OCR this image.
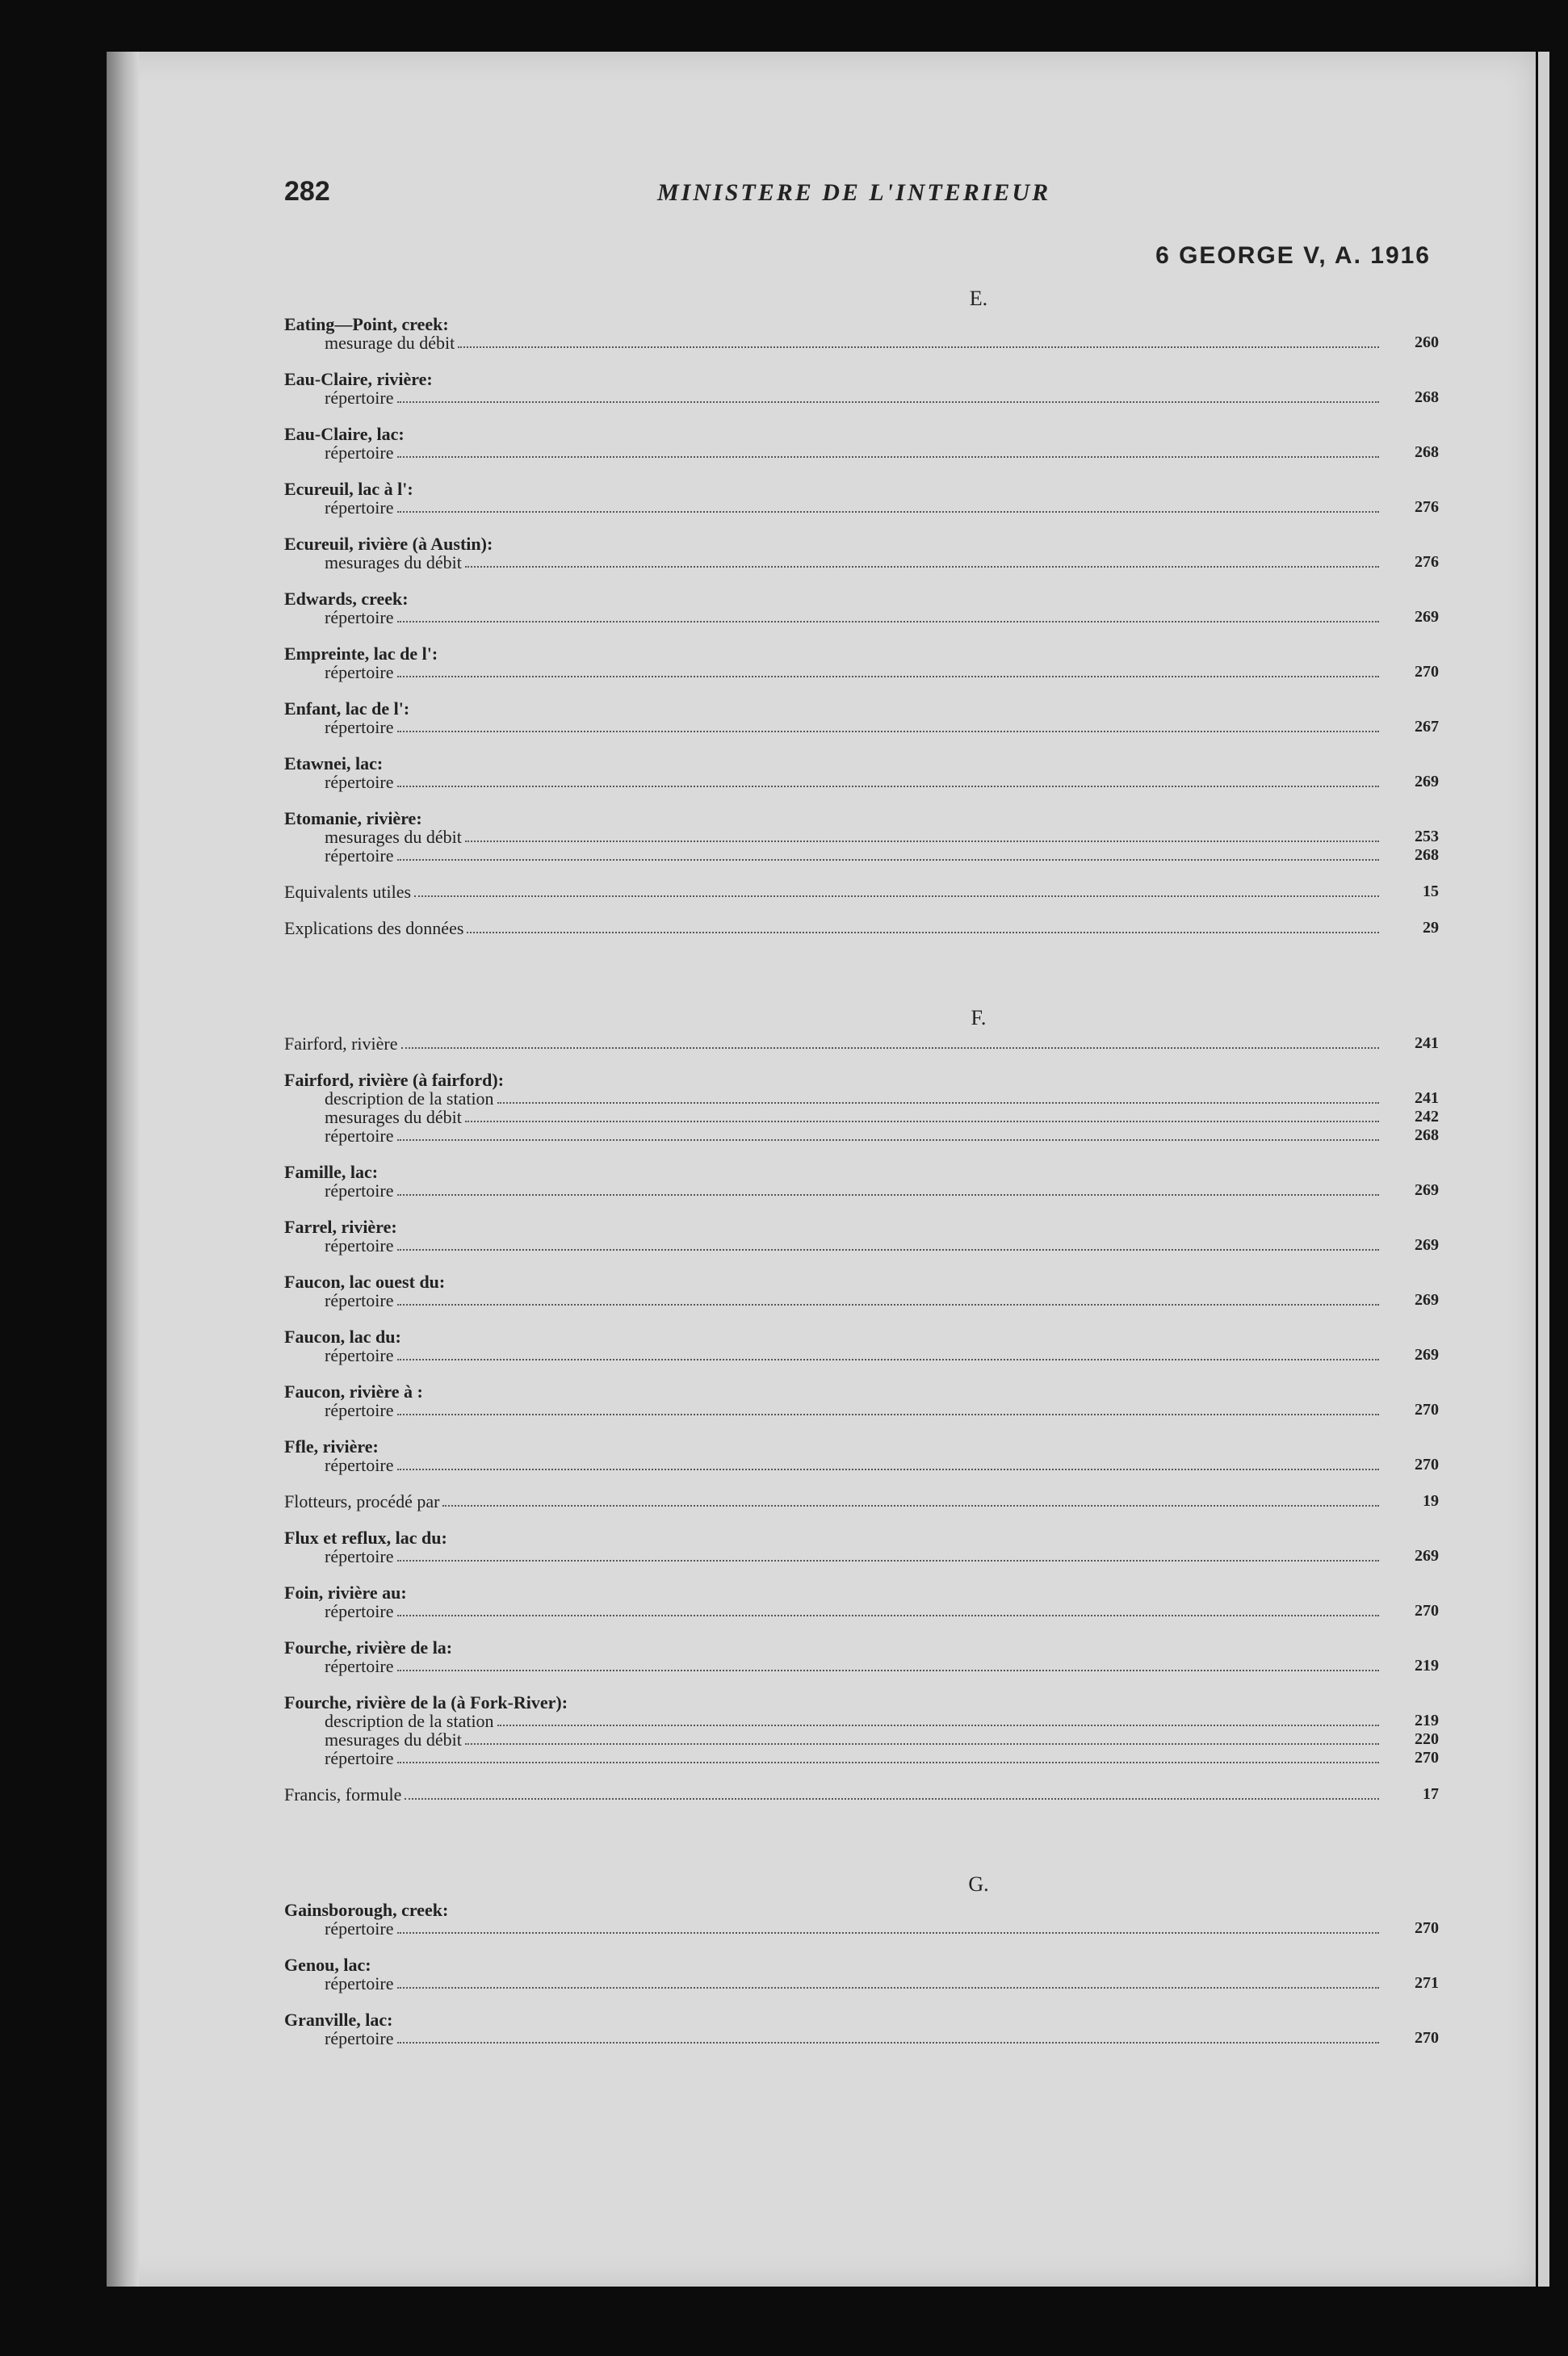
282	MINISTERE DE L'INTERIEUR
6 GEORGE V, A. 1916
E.
Eating—Point, creek:
mesurage du débit	260
Eau-Claire, rivière:
répertoire	268
Eau-Claire, lac:
répertoire	268
Ecureuil, lac à l':
répertoire	276
Ecureuil, rivière (à Austin):
mesurages du débit	276
Edwards, creek:
répertoire	269
Empreinte, lac de l':
répertoire	270
Enfant, lac de l':
répertoire	267
Etawnei, lac:
répertoire	269
Etomanie, rivière:
mesurages du débit	253
répertoire	268
Equivalents utiles	15
Explications des données	29
F.
Fairford, rivière	241
Fairford, rivière (à fairford):
description de la station	241
mesurages du débit	242
répertoire	268
Famille, lac:
répertoire	269
Farrel, rivière:
répertoire	269
Faucon, lac ouest du:
répertoire	269
Faucon, lac du:
répertoire	269
Faucon, rivière à :
répertoire	270
Ffle, rivière:
répertoire	270
Flotteurs, procédé par	19
Flux et reflux, lac du:
répertoire	269
Foin, rivière au:
répertoire	270
Fourche, rivière de la:
répertoire	219
Fourche, rivière de la (à Fork-River):
description de la station	219
mesurages du débit	220
répertoire	270
Francis, formule	17
G.
Gainsborough, creek:
répertoire	270
Genou, lac:
répertoire	271
Granville, lac:
répertoire	270
